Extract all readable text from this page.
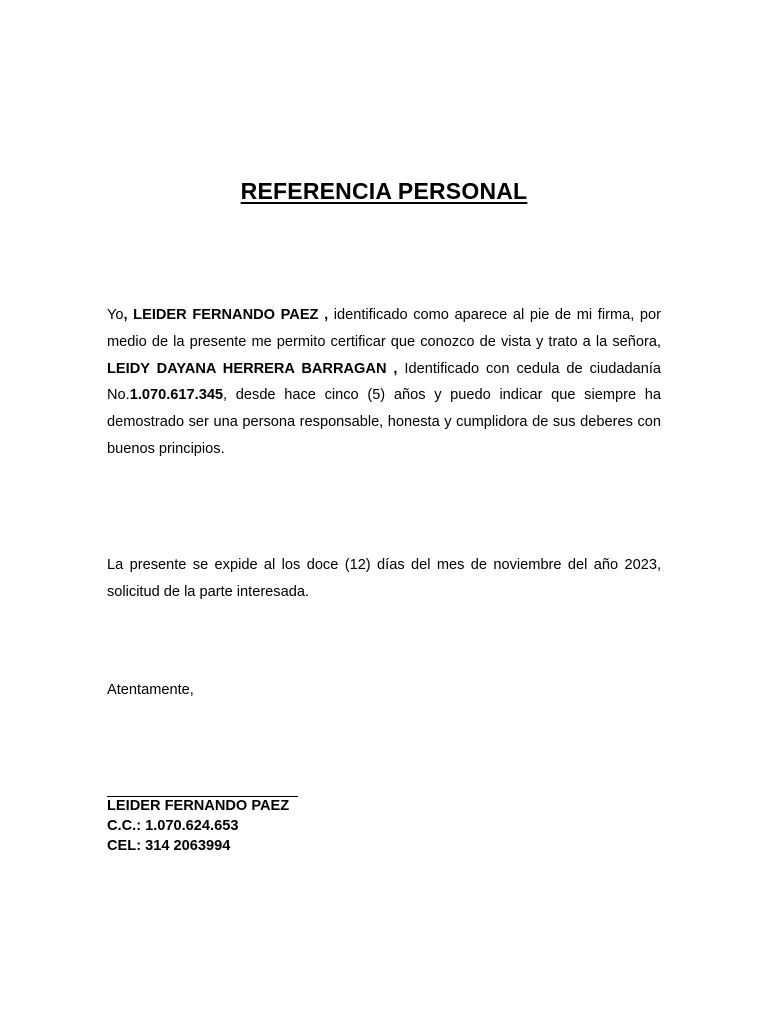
REFERENCIA PERSONAL
Yo, LEIDER FERNANDO PAEZ , identificado como aparece al pie de mi firma, por medio de la presente me permito certificar que conozco de vista y trato a la señora, LEIDY DAYANA HERRERA BARRAGAN , Identificado con cedula de ciudadanía No.1.070.617.345, desde hace cinco (5) años y puedo indicar que siempre ha demostrado ser una persona responsable, honesta y cumplidora de sus deberes con buenos principios.
La presente se expide al los doce (12) días del mes de noviembre del año 2023, solicitud de la parte interesada.
Atentamente,
LEIDER FERNANDO PAEZ
C.C.: 1.070.624.653
CEL: 314 2063994
